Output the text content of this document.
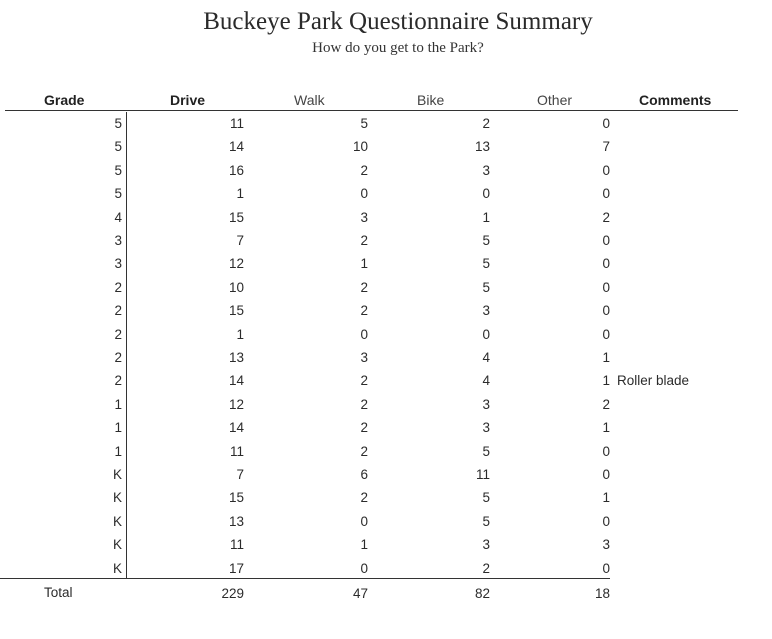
Buckeye Park Questionnaire Summary
How do you get to the Park?
Grade	Drive	Walk	Bike	Other	Comments
5	11	5	2	0
5	14	10	13	7
5	16	2	3	0
5	1	0	0	0
4	15	3	1	2
3	7	2	5	0
3	12	1	5	0
2	10	2	5	0
2	15	2	3	0
2	1	0	0	0
2	13	3	4	1
2	14	2	4	1 Roller blade
1	12	2	3	2
1	14	2	3	1
1	11	2	5	0
K	7	6	11	0
K	15	2	5	1
K	13	0	5	0
K	11	1	3	3
K	17	0	2	0
Total	229	47	82	18
